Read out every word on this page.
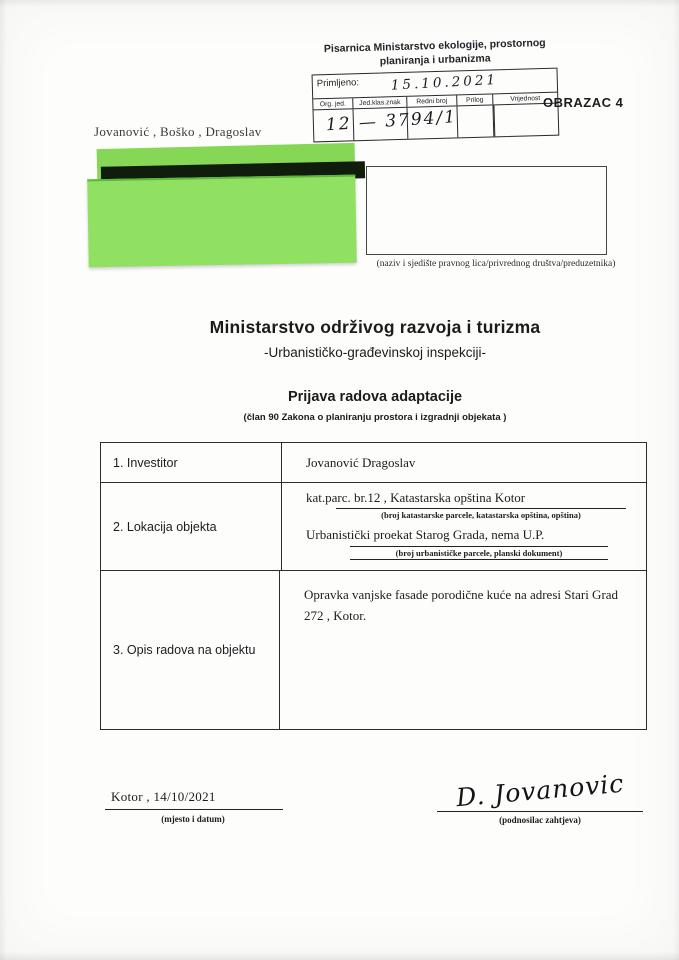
Pisarnica Ministarstvo ekologije, prostornog
planiranja i urbanizma
Primljeno: 15.10.2021
Org. jed.	Jed.klas.znak	Redni broj	Prilog	Vrijednost
12 — 3794/1
OBRAZAC 4
Jovanović , Boško , Dragoslav
(naziv i sjedište pravnog lica/privrednog društva/preduzetnika)
Ministarstvo održivog razvoja i turizma
-Urbanističko-građevinskoj inspekciji-
Prijava radova adaptacije
(član 90 Zakona o planiranju prostora i izgradnji objekata )
1. Investitor	Jovanović Dragoslav
2. Lokacija objekta
kat.parc. br.12 , Katastarska opština Kotor
(broj katastarske parcele, katastarska opština, opština)
Urbanistički proekat Starog Grada, nema U.P.
(broj urbanističke parcele, planski dokument)
3. Opis radova na objektu
Opravka vanjske fasade porodične kuće na adresi Stari Grad 272 , Kotor.
Kotor , 14/10/2021
(mjesto i datum)
D. Jovanovic
(podnosilac zahtjeva)
